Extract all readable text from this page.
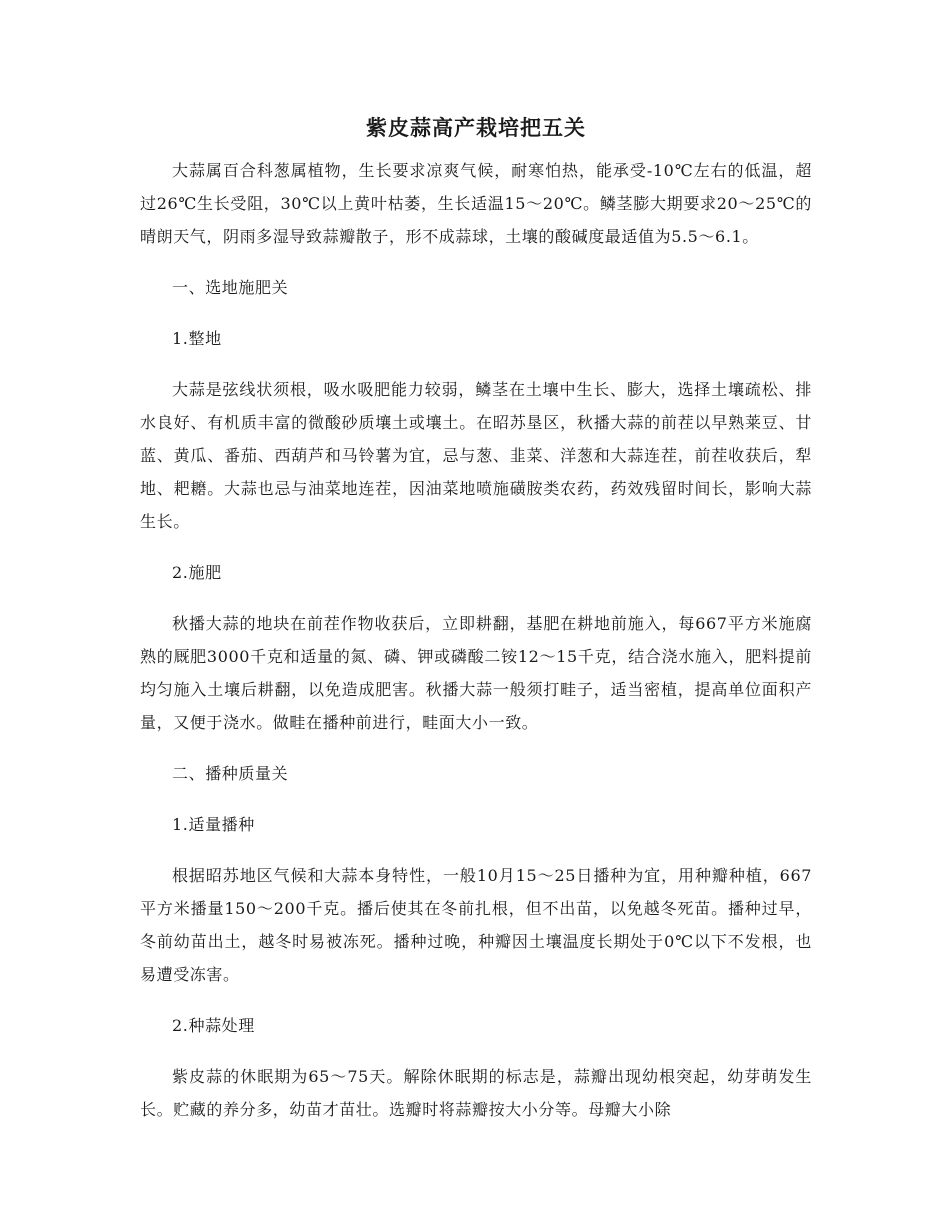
紫皮蒜高产栽培把五关

大蒜属百合科葱属植物，生长要求凉爽气候，耐寒怕热，能承受-10℃左右的低温，超过26℃生长受阻，30℃以上黄叶枯萎，生长适温15～20℃。鳞茎膨大期要求20～25℃的晴朗天气，阴雨多湿导致蒜瓣散子，形不成蒜球，土壤的酸碱度最适值为5.5～6.1。

一、选地施肥关

1.整地

大蒜是弦线状须根，吸水吸肥能力较弱，鳞茎在土壤中生长、膨大，选择土壤疏松、排水良好、有机质丰富的微酸砂质壤土或壤土。在昭苏垦区，秋播大蒜的前茬以早熟莱豆、甘蓝、黄瓜、番茄、西葫芦和马铃薯为宜，忌与葱、韭菜、洋葱和大蒜连茬，前茬收获后，犁地、耙耱。大蒜也忌与油菜地连茬，因油菜地喷施磺胺类农药，药效残留时间长，影响大蒜生长。

2.施肥

秋播大蒜的地块在前茬作物收获后，立即耕翻，基肥在耕地前施入，每667平方米施腐熟的厩肥3000千克和适量的氮、磷、钾或磷酸二铵12～15千克，结合浇水施入，肥料提前均匀施入土壤后耕翻，以免造成肥害。秋播大蒜一般须打畦子，适当密植，提高单位面积产量，又便于浇水。做畦在播种前进行，畦面大小一致。

二、播种质量关

1.适量播种

根据昭苏地区气候和大蒜本身特性，一般10月15～25日播种为宜，用种瓣种植，667平方米播量150～200千克。播后使其在冬前扎根，但不出苗，以免越冬死苗。播种过早，冬前幼苗出土，越冬时易被冻死。播种过晚，种瓣因土壤温度长期处于0℃以下不发根，也易遭受冻害。

2.种蒜处理

紫皮蒜的休眠期为65～75天。解除休眠期的标志是，蒜瓣出现幼根突起，幼芽萌发生长。贮藏的养分多，幼苗才苗壮。选瓣时将蒜瓣按大小分等。母瓣大小除
